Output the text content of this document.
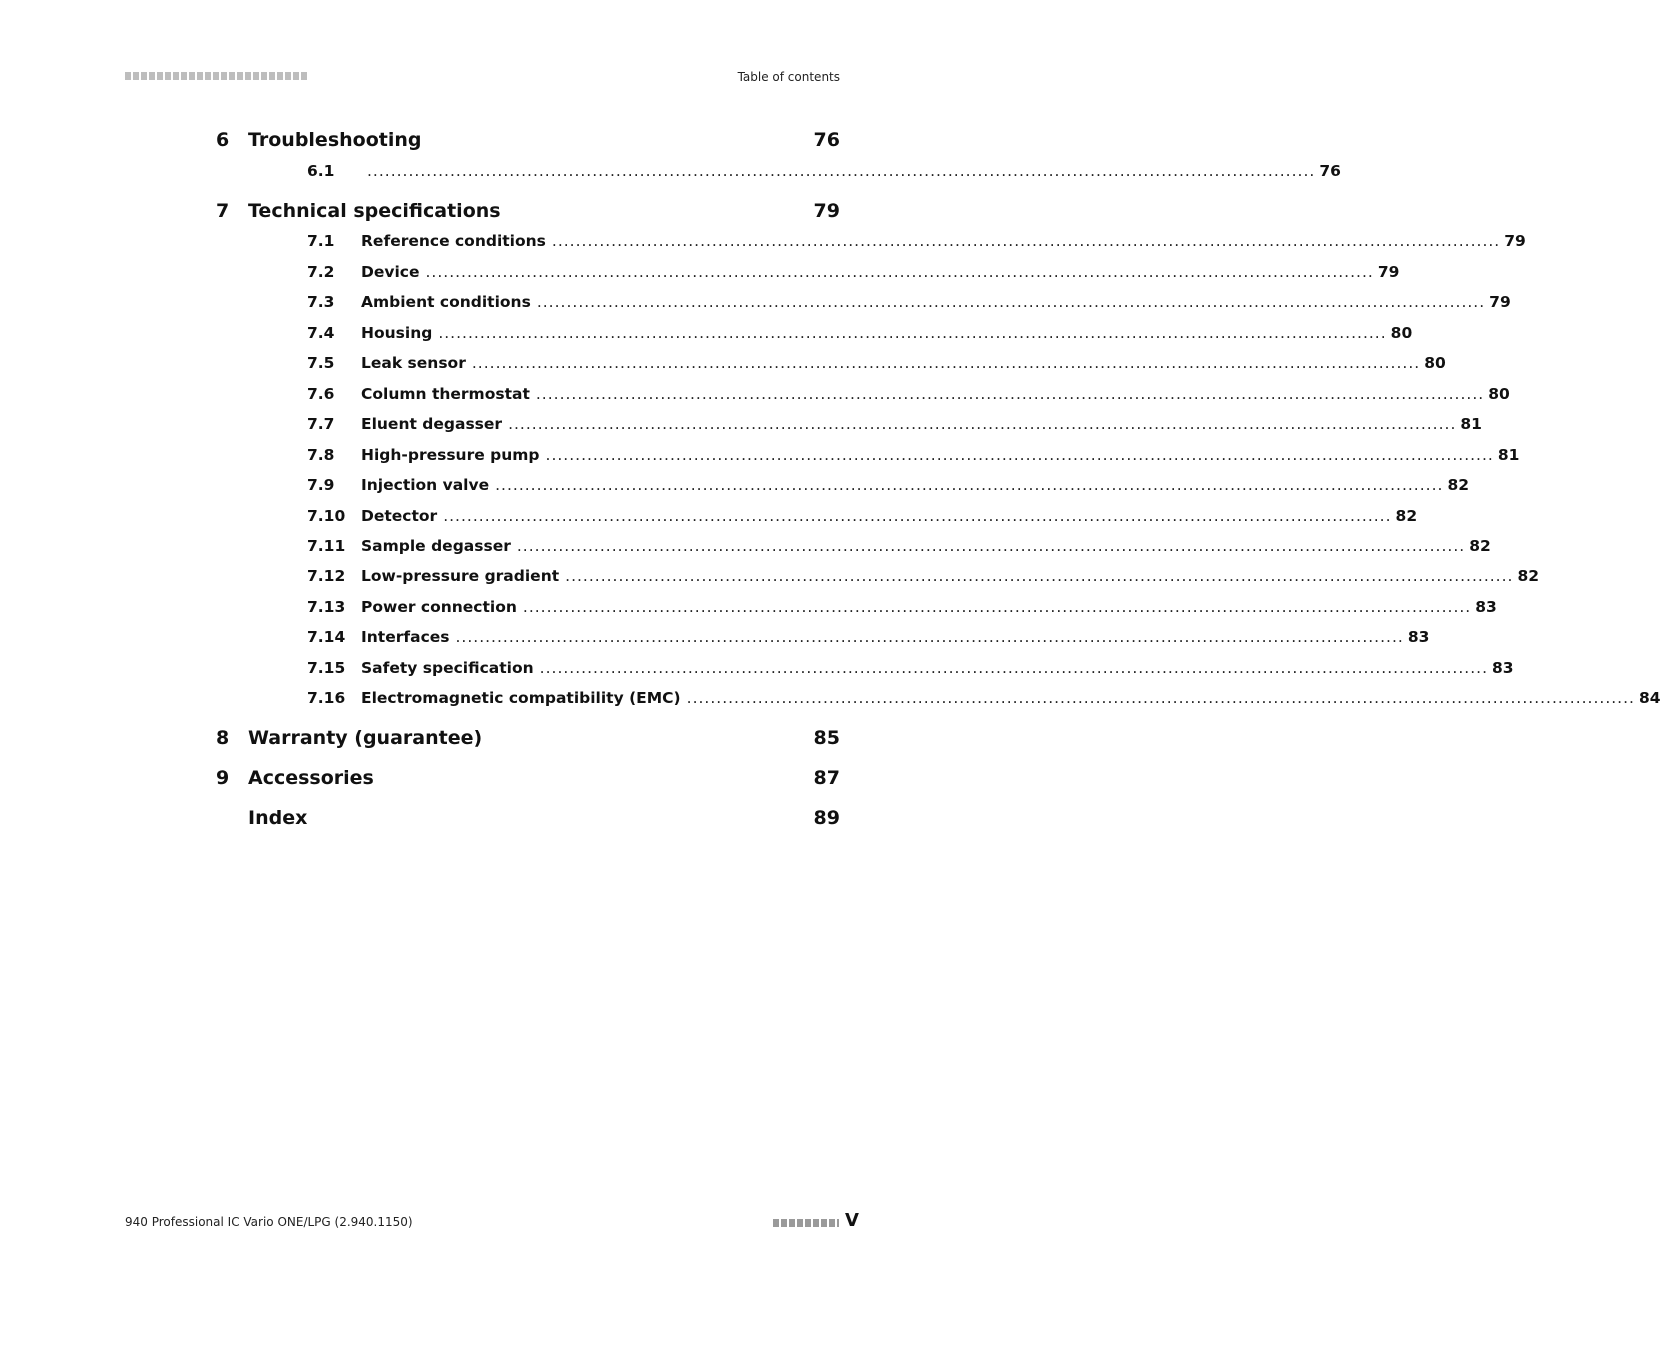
Table of contents
6 Troubleshooting	76
6.1 ................................................................................................................................................................ 76
7 Technical specifications	79
7.1 Reference conditions ................................................................................................................................................................ 79
7.2 Device ................................................................................................................................................................ 79
7.3 Ambient conditions ................................................................................................................................................................ 79
7.4 Housing ................................................................................................................................................................ 80
7.5 Leak sensor ................................................................................................................................................................ 80
7.6 Column thermostat ................................................................................................................................................................ 80
7.7 Eluent degasser ................................................................................................................................................................ 81
7.8 High-pressure pump ................................................................................................................................................................ 81
7.9 Injection valve ................................................................................................................................................................ 82
7.10 Detector ................................................................................................................................................................ 82
7.11 Sample degasser ................................................................................................................................................................ 82
7.12 Low-pressure gradient ................................................................................................................................................................ 82
7.13 Power connection ................................................................................................................................................................ 83
7.14 Interfaces ................................................................................................................................................................ 83
7.15 Safety specification ................................................................................................................................................................ 83
7.16 Electromagnetic compatibility (EMC) ................................................................................................................................................................ 84
8 Warranty (guarantee)	85
9 Accessories	87
Index	89
940 Professional IC Vario ONE/LPG (2.940.1150)	V
